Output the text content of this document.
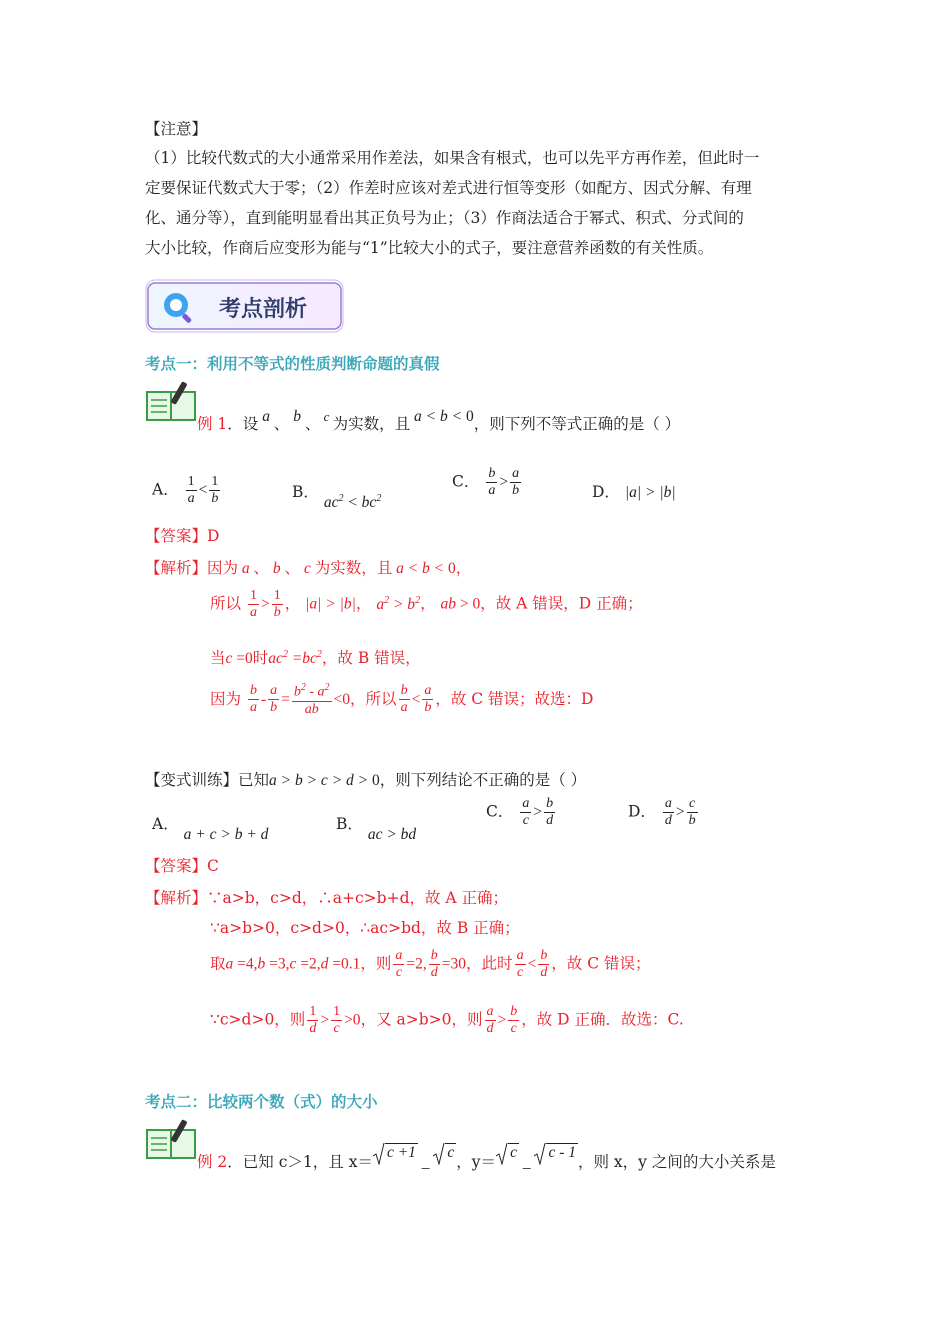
【注意】
（1）比较代数式的大小通常采用作差法，如果含有根式，也可以先平方再作差，但此时一
定要保证代数式大于零；（2）作差时应该对差式进行恒等变形（如配方、因式分解、有理
化、通分等），直到能明显看出其正负号为止；（3）作商法适合于幂式、积式、分式间的
大小比较，作商后应变形为能与“1”比较大小的式子，要注意营养函数的有关性质。
考点剖析
考点一：利用不等式的性质判断命题的真假
例 1．设 a 、 b 、 $^c$ 为实数，且 a < b < 0，则下列不等式正确的是（ ）
A． $\frac{1}{a} < \frac{1}{b}$	B． $ac^2 < bc^2$
C． $\frac{b}{a} > \frac{a}{b}$	D． |a| > |b|
【答案】D
【解析】因为 a 、 b 、 c 为实数，且 a < b < 0，
所以 $\frac{1}{a} > \frac{1}{b}$ ， |a| > |b|， $a^2 > b^2$， ab > 0，故 A 错误，D 正确；
当c =0时$ac^2 =bc^2$，故 B 错误，
因为 $\frac{b}{a} - \frac{a}{b} = \frac{b^2 - a^2}{ab} <0$，所以 $\frac{b}{a} < \frac{a}{b}$ ，故 C 错误；故选：D
【变式训练】已知a > b > c > d > 0，则下列结论不正确的是（ ）
A． a + c > b + d
B． ac > bd
C． $\frac{a}{c} > \frac{b}{d}$	D． $\frac{a}{d} > \frac{c}{b}$
【答案】C
【解析】∵a>b，c>d，∴a+c>b+d，故 A 正确；
∵a>b>0，c>d>0，∴ac>bd，故 B 正确；
取a =4,b =3,c =2,d =0.1，则 $\frac{a}{c} =2$, $\frac{b}{d} =30$，此时 $\frac{a}{c} < \frac{b}{d}$ ，故 C 错误；
∵c>d>0，则 $\frac{1}{d} > \frac{1}{c} >0$，又 a>b>0，则 $\frac{a}{d} > \frac{b}{c}$ ，故 D 正确．故选：C.
考点二：比较两个数（式）的大小
例 2．已知 c＞1，且 x＝
c +1 _
c，y＝
c _
c - 1，则 x，y 之间的大小关系是
